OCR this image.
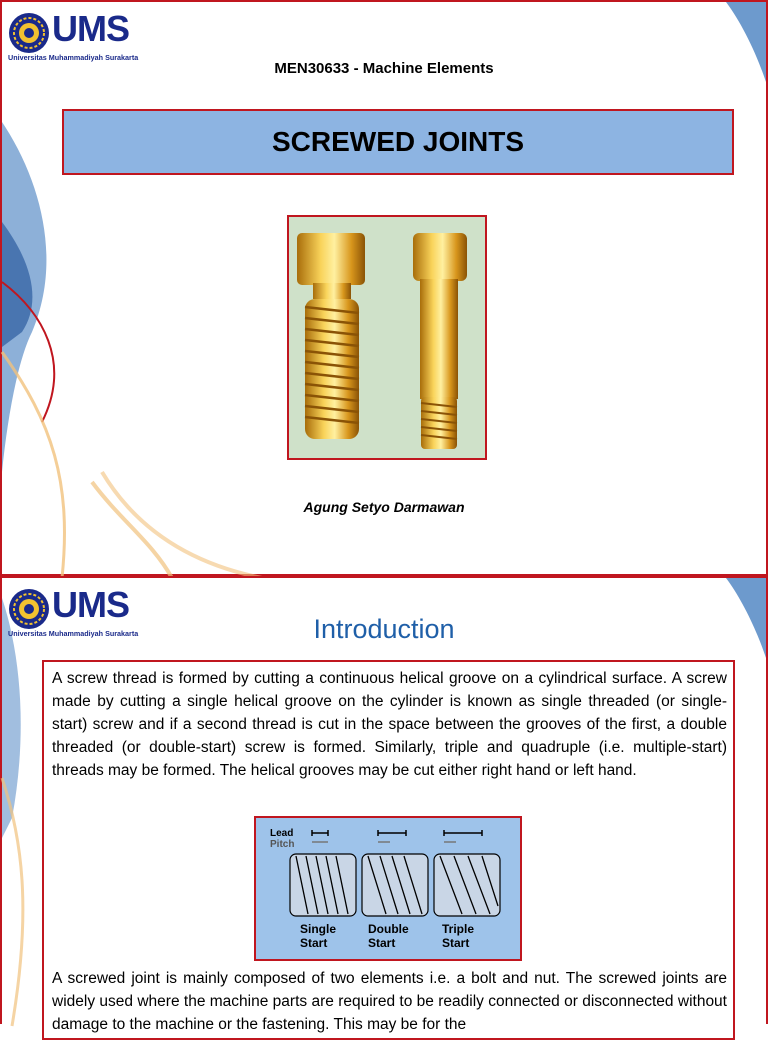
UMS
Universitas Muhammadiyah Surakarta
MEN30633 - Machine Elements
SCREWED JOINTS
Agung Setyo Darmawan
UMS
Universitas Muhammadiyah Surakarta	Introduction

A screw thread is formed by cutting a continuous helical groove on a cylindrical surface. A screw made by cutting a single helical groove on the cylinder is known as single threaded (or single-start) screw and if a second thread is cut in the space between the grooves of the first, a double threaded (or double-start) screw is formed. Similarly, triple and quadruple (i.e. multiple-start) threads may be formed. The helical grooves may be cut either right hand or left hand.

Lead
Pitch
Single
Start
Double
Start
Triple
Start

A screwed joint is mainly composed of two elements i.e. a bolt and nut. The screwed joints are widely used where the machine parts are required to be readily connected or disconnected without damage to the machine or the fastening. This may be for the
